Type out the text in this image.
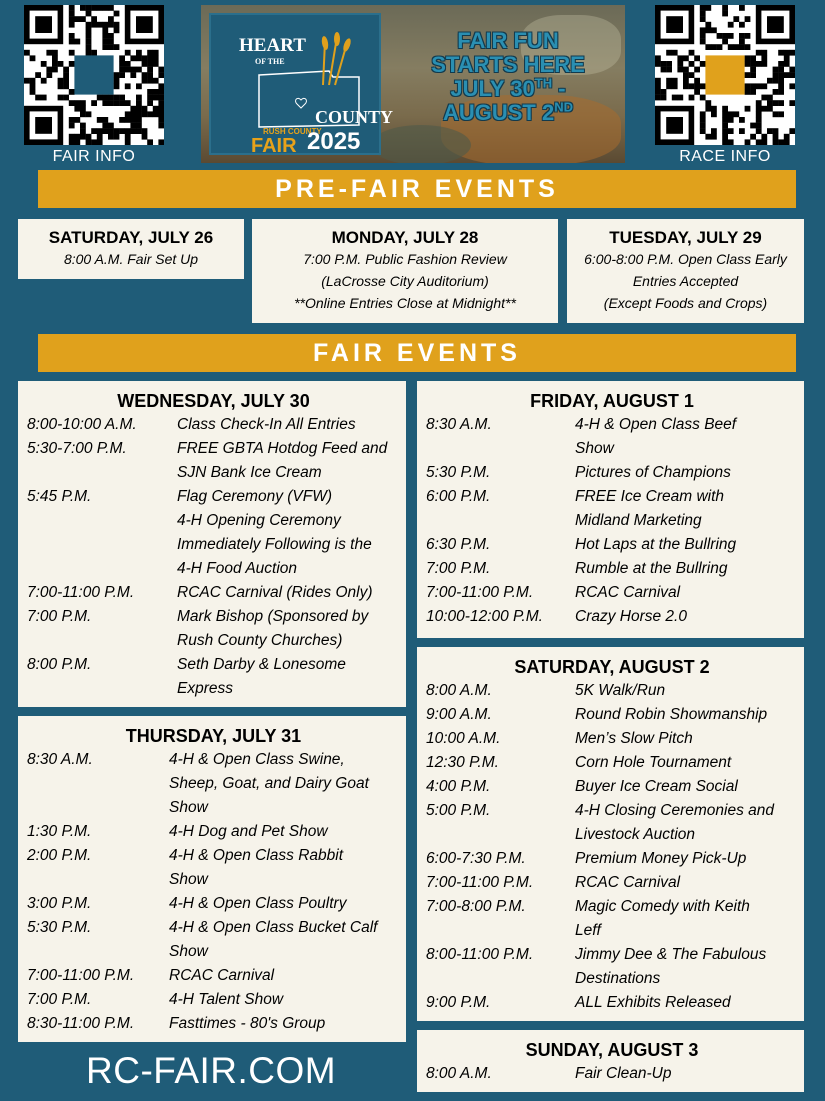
FAIR INFO	RACE INFO
HEART
OF THE
COUNTY
RUSH COUNTY
FAIR 2025
FAIR FUN
STARTS HERE
JULY 30TH -
AUGUST 2ND
PRE-FAIR EVENTS
SATURDAY, JULY 26
8:00 A.M. Fair Set Up
MONDAY, JULY 28
7:00 P.M. Public Fashion Review
(LaCrosse City Auditorium)
**Online Entries Close at Midnight**
TUESDAY, JULY 29
6:00-8:00 P.M. Open Class Early
Entries Accepted
(Except Foods and Crops)
FAIR EVENTS
WEDNESDAY, JULY 30
8:00-10:00 A.M.	Class Check-In All Entries
5:30-7:00 P.M.	FREE GBTA Hotdog Feed and
SJN Bank Ice Cream
5:45 P.M.	Flag Ceremony (VFW)
4-H Opening Ceremony
Immediately Following is the
4-H Food Auction
7:00-11:00 P.M.	RCAC Carnival (Rides Only)
7:00 P.M.	Mark Bishop (Sponsored by
Rush County Churches)
8:00 P.M.	Seth Darby & Lonesome
Express
THURSDAY, JULY 31
8:30 A.M.	4-H & Open Class Swine,
Sheep, Goat, and Dairy Goat
Show
1:30 P.M.	4-H Dog and Pet Show
2:00 P.M.	4-H & Open Class Rabbit
Show
3:00 P.M.	4-H & Open Class Poultry
5:30 P.M.	4-H & Open Class Bucket Calf
Show
7:00-11:00 P.M.	RCAC Carnival
7:00 P.M.	4-H Talent Show
8:30-11:00 P.M.	Fasttimes - 80's Group
FRIDAY, AUGUST 1
8:30 A.M.	4-H & Open Class Beef
Show
5:30 P.M.	Pictures of Champions
6:00 P.M.	FREE Ice Cream with
Midland Marketing
6:30 P.M.	Hot Laps at the Bullring
7:00 P.M.	Rumble at the Bullring
7:00-11:00 P.M.	RCAC Carnival
10:00-12:00 P.M.	Crazy Horse 2.0
SATURDAY, AUGUST 2
8:00 A.M.	5K Walk/Run
9:00 A.M.	Round Robin Showmanship
10:00 A.M.	Men’s Slow Pitch
12:30 P.M.	Corn Hole Tournament
4:00 P.M.	Buyer Ice Cream Social
5:00 P.M.	4-H Closing Ceremonies and
Livestock Auction
6:00-7:30 P.M.	Premium Money Pick-Up
7:00-11:00 P.M.	RCAC Carnival
7:00-8:00 P.M.	Magic Comedy with Keith
Leff
8:00-11:00 P.M.	Jimmy Dee & The Fabulous
Destinations
9:00 P.M.	ALL Exhibits Released
SUNDAY, AUGUST 3
8:00 A.M.	Fair Clean-Up
RC-FAIR.COM
